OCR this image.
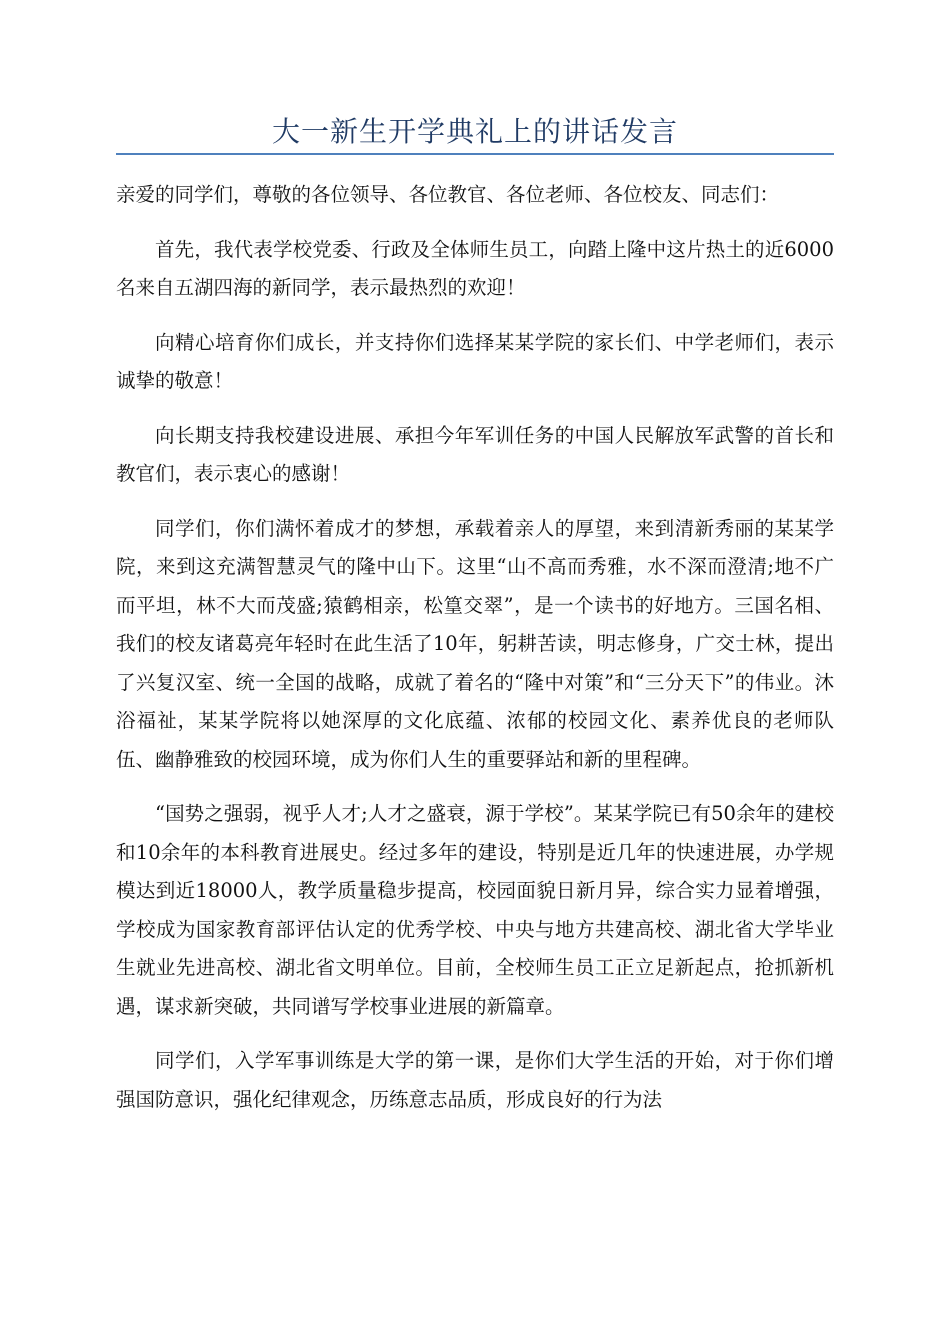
大一新生开学典礼上的讲话发言

亲爱的同学们，尊敬的各位领导、各位教官、各位老师、各位校友、同志们：

首先，我代表学校党委、行政及全体师生员工，向踏上隆中这片热土的近6000名来自五湖四海的新同学，表示最热烈的欢迎！

向精心培育你们成长，并支持你们选择某某学院的家长们、中学老师们，表示诚挚的敬意！

向长期支持我校建设进展、承担今年军训任务的中国人民解放军武警的首长和教官们，表示衷心的感谢！

同学们，你们满怀着成才的梦想，承载着亲人的厚望，来到清新秀丽的某某学院，来到这充满智慧灵气的隆中山下。这里“山不高而秀雅，水不深而澄清;地不广而平坦，林不大而茂盛;猿鹤相亲，松篁交翠”，是一个读书的好地方。三国名相、我们的校友诸葛亮年轻时在此生活了10年，躬耕苦读，明志修身，广交士林，提出了兴复汉室、统一全国的战略，成就了着名的“隆中对策”和“三分天下”的伟业。沐浴福祉，某某学院将以她深厚的文化底蕴、浓郁的校园文化、素养优良的老师队伍、幽静雅致的校园环境，成为你们人生的重要驿站和新的里程碑。

“国势之强弱，视乎人才;人才之盛衰，源于学校”。某某学院已有50余年的建校和10余年的本科教育进展史。经过多年的建设，特别是近几年的快速进展，办学规模达到近18000人，教学质量稳步提高，校园面貌日新月异，综合实力显着增强，学校成为国家教育部评估认定的优秀学校、中央与地方共建高校、湖北省大学毕业生就业先进高校、湖北省文明单位。目前，全校师生员工正立足新起点，抢抓新机遇，谋求新突破，共同谱写学校事业进展的新篇章。

同学们，入学军事训练是大学的第一课，是你们大学生活的开始，对于你们增强国防意识，强化纪律观念，历练意志品质，形成良好的行为法
